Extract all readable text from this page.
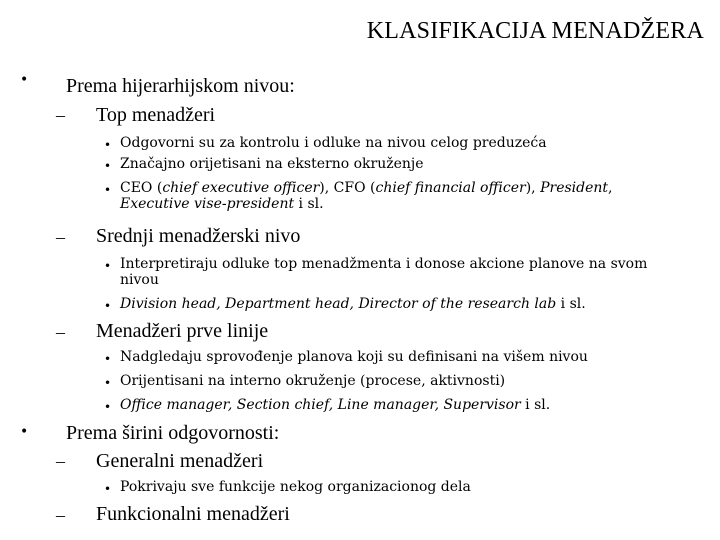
KLASIFIKACIJA MENADŽERA
• Prema hijerarhijskom nivou:
– Top menadžeri
• Odgovorni su za kontrolu i odluke na nivou celog preduzeća
• Značajno orijetisani na eksterno okruženje
• CEO (chief executive officer), CFO (chief financial officer), President, Executive vise-president i sl.
– Srednji menadžerski nivo
• Interpretiraju odluke top menadžmenta i donose akcione planove na svom nivou
• Division head, Department head, Director of the research lab i sl.
– Menadžeri prve linije
• Nadgledaju sprovođenje planova koji su definisani na višem nivou
• Orijentisani na interno okruženje (procese, aktivnosti)
• Office manager, Section chief, Line manager, Supervisor i sl.
• Prema širini odgovornosti:
– Generalni menadžeri
• Pokrivaju sve funkcije nekog organizacionog dela
– Funkcionalni menadžeri
